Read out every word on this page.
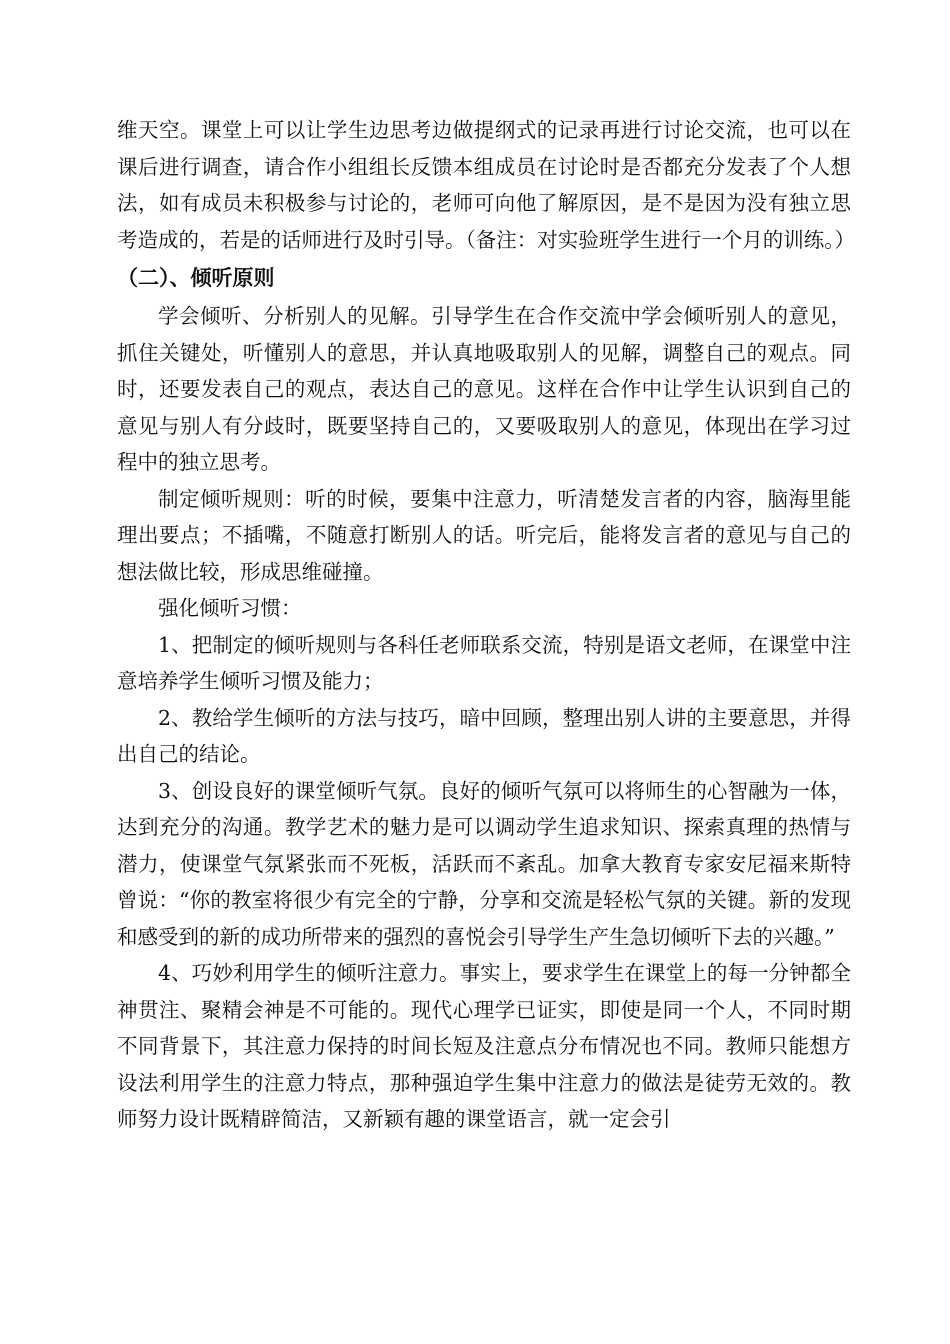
维天空。课堂上可以让学生边思考边做提纲式的记录再进行讨论交流，也可以在课后进行调查，请合作小组组长反馈本组成员在讨论时是否都充分发表了个人想法，如有成员未积极参与讨论的，老师可向他了解原因，是不是因为没有独立思考造成的，若是的话师进行及时引导。（备注：对实验班学生进行一个月的训练。）

（二）、倾听原则

学会倾听、分析别人的见解。引导学生在合作交流中学会倾听别人的意见，抓住关键处，听懂别人的意思，并认真地吸取别人的见解，调整自己的观点。同时，还要发表自己的观点，表达自己的意见。这样在合作中让学生认识到自己的意见与别人有分歧时，既要坚持自己的，又要吸取别人的意见，体现出在学习过程中的独立思考。

制定倾听规则：听的时候，要集中注意力，听清楚发言者的内容，脑海里能理出要点；不插嘴，不随意打断别人的话。听完后，能将发言者的意见与自己的想法做比较，形成思维碰撞。

强化倾听习惯：

1、把制定的倾听规则与各科任老师联系交流，特别是语文老师，在课堂中注意培养学生倾听习惯及能力；

2、教给学生倾听的方法与技巧，暗中回顾，整理出别人讲的主要意思，并得出自己的结论。

3、创设良好的课堂倾听气氛。良好的倾听气氛可以将师生的心智融为一体，达到充分的沟通。教学艺术的魅力是可以调动学生追求知识、探索真理的热情与潜力，使课堂气氛紧张而不死板，活跃而不紊乱。加拿大教育专家安尼福来斯特曾说：“你的教室将很少有完全的宁静，分享和交流是轻松气氛的关键。新的发现和感受到的新的成功所带来的强烈的喜悦会引导学生产生急切倾听下去的兴趣。”

4、巧妙利用学生的倾听注意力。事实上，要求学生在课堂上的每一分钟都全神贯注、聚精会神是不可能的。现代心理学已证实，即使是同一个人，不同时期不同背景下，其注意力保持的时间长短及注意点分布情况也不同。教师只能想方设法利用学生的注意力特点，那种强迫学生集中注意力的做法是徒劳无效的。教师努力设计既精辟简洁，又新颖有趣的课堂语言，就一定会引
